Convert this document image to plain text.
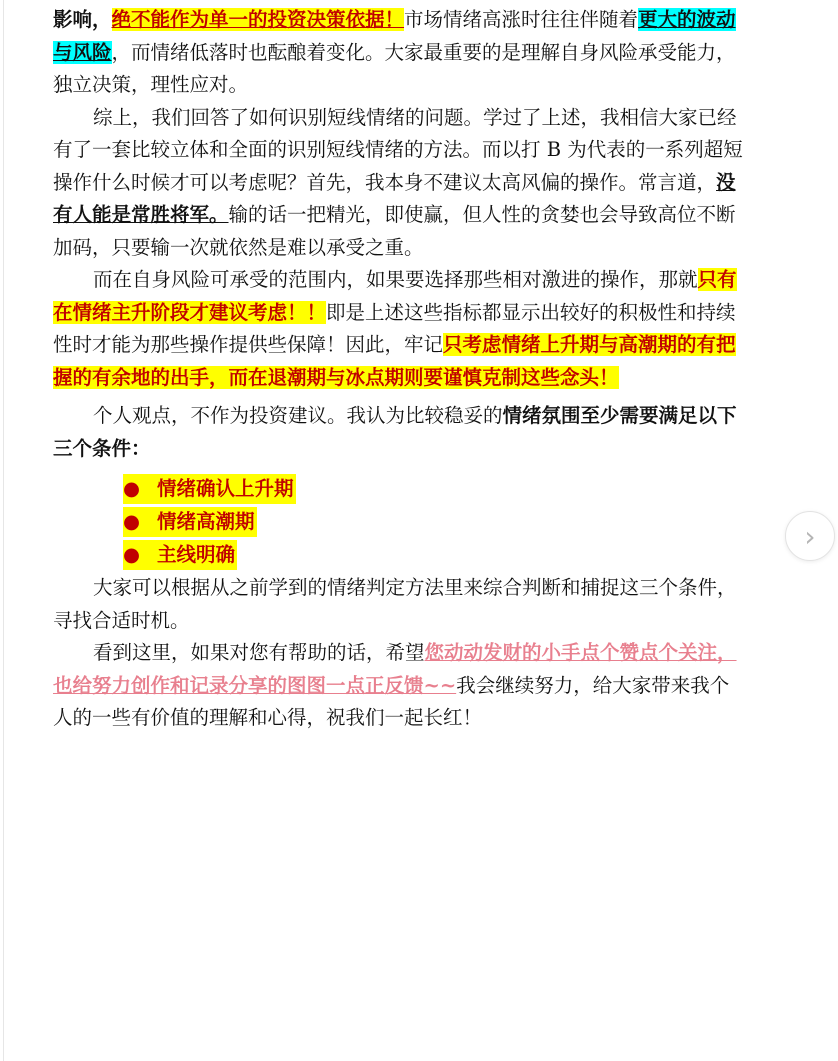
影响，绝不能作为单一的投资决策依据！市场情绪高涨时往往伴随着更大的波动与风险，而情绪低落时也酝酿着变化。大家最重要的是理解自身风险承受能力，独立决策，理性应对。

综上，我们回答了如何识别短线情绪的问题。学过了上述，我相信大家已经有了一套比较立体和全面的识别短线情绪的方法。而以打 B 为代表的一系列超短操作什么时候才可以考虑呢？首先，我本身不建议太高风偏的操作。常言道，没有人能是常胜将军。输的话一把精光，即使赢，但人性的贪婪也会导致高位不断加码，只要输一次就依然是难以承受之重。

而在自身风险可承受的范围内，如果要选择那些相对激进的操作，那就只有在情绪主升阶段才建议考虑！！即是上述这些指标都显示出较好的积极性和持续性时才能为那些操作提供些保障！因此，牢记只考虑情绪上升期与高潮期的有把握的有余地的出手，而在退潮期与冰点期则要谨慎克制这些念头！

个人观点，不作为投资建议。我认为比较稳妥的情绪氛围至少需要满足以下三个条件：

● 情绪确认上升期
● 情绪高潮期
● 主线明确

大家可以根据从之前学到的情绪判定方法里来综合判断和捕捉这三个条件，寻找合适时机。

看到这里，如果对您有帮助的话，希望您动动发财的小手点个赞点个关注，也给努力创作和记录分享的图图一点正反馈~~我会继续努力，给大家带来我个人的一些有价值的理解和心得，祝我们一起长红！

›
